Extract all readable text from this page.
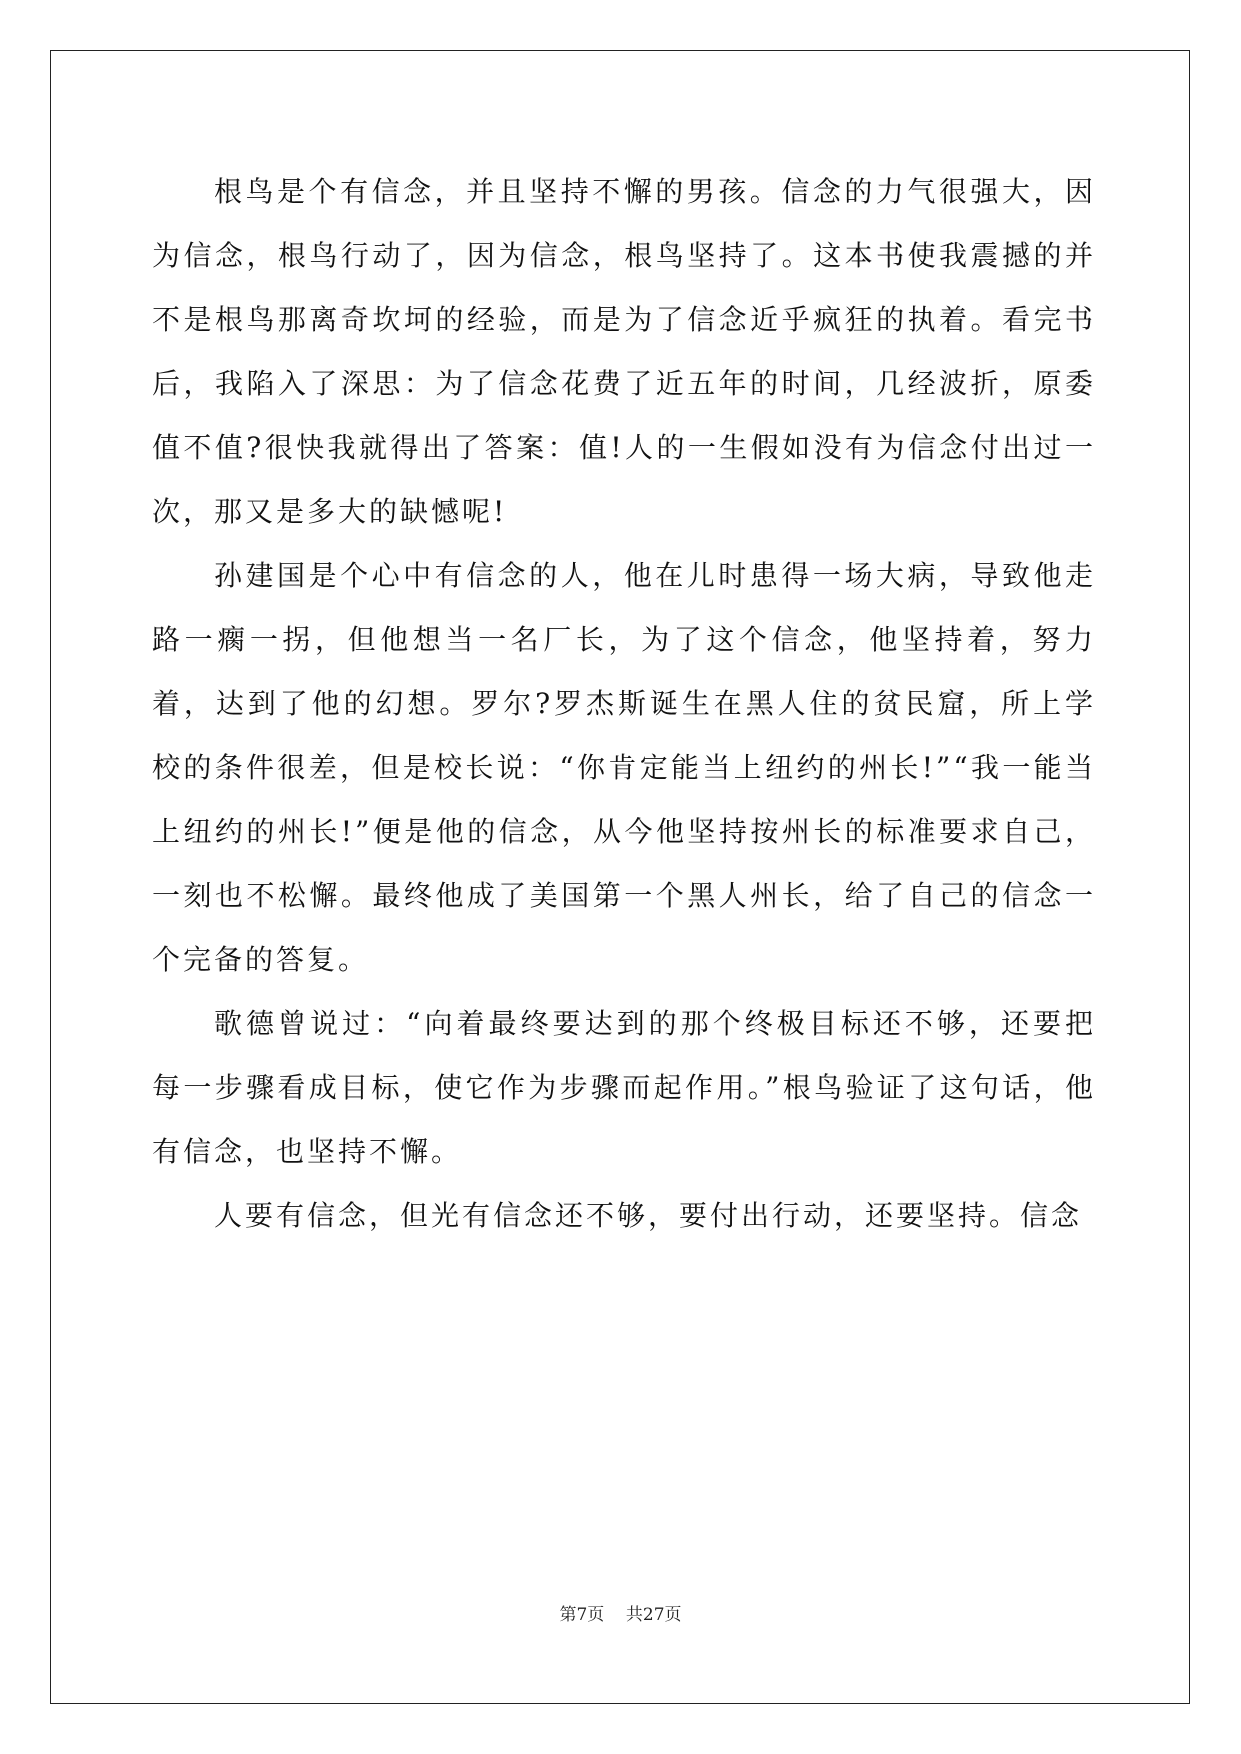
根鸟是个有信念，并且坚持不懈的男孩。信念的力气很强大，因为信念，根鸟行动了，因为信念，根鸟坚持了。这本书使我震撼的并不是根鸟那离奇坎坷的经验，而是为了信念近乎疯狂的执着。看完书后，我陷入了深思：为了信念花费了近五年的时间，几经波折，原委值不值?很快我就得出了答案：值!人的一生假如没有为信念付出过一次，那又是多大的缺憾呢!

孙建国是个心中有信念的人，他在儿时患得一场大病，导致他走路一瘸一拐，但他想当一名厂长，为了这个信念，他坚持着，努力着，达到了他的幻想。罗尔?罗杰斯诞生在黑人住的贫民窟，所上学校的条件很差，但是校长说：“你肯定能当上纽约的州长!”“我一能当上纽约的州长!”便是他的信念，从今他坚持按州长的标准要求自己，一刻也不松懈。最终他成了美国第一个黑人州长，给了自己的信念一个完备的答复。

歌德曾说过：“向着最终要达到的那个终极目标还不够，还要把每一步骤看成目标，使它作为步骤而起作用。”根鸟验证了这句话，他有信念，也坚持不懈。

人要有信念，但光有信念还不够，要付出行动，还要坚持。信念

第7页 共27页
